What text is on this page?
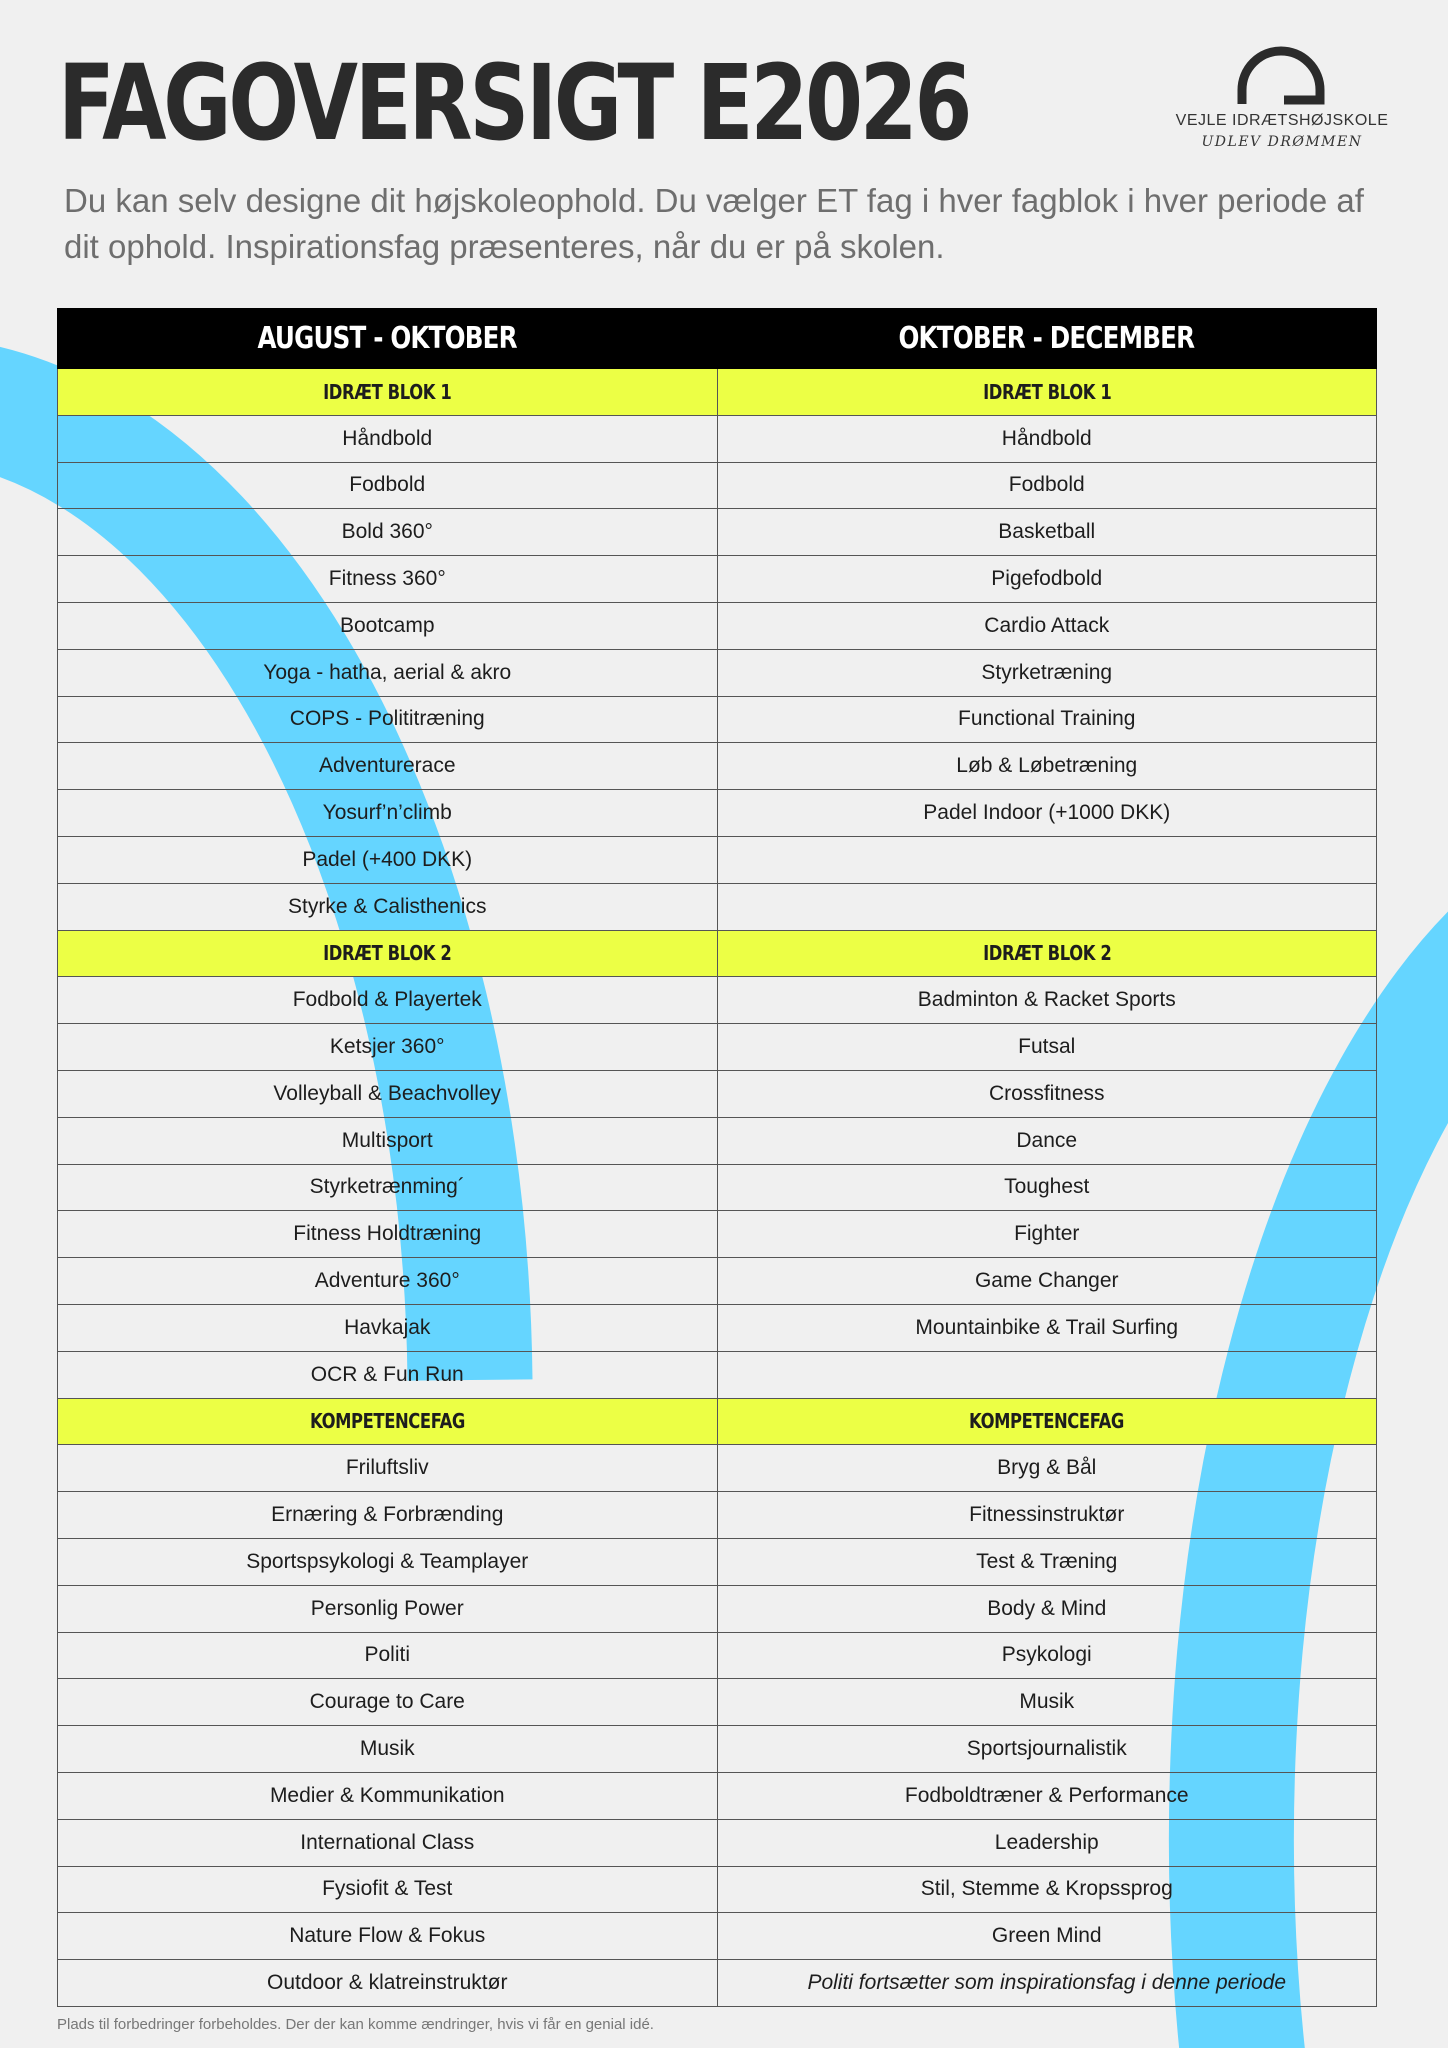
FAGOVERSIGT E2026
Du kan selv designe dit højskoleophold. Du vælger ET fag i hver fagblok i hver periode af dit ophold. Inspirationsfag præsenteres, når du er på skolen.
VEJLE IDRÆTSHØJSKOLE
UDLEV DRØMMEN
AUGUST - OKTOBER	OKTOBER - DECEMBER
IDRÆT BLOK 1	IDRÆT BLOK 1
Håndbold	Håndbold
Fodbold	Fodbold
Bold 360°	Basketball
Fitness 360°	Pigefodbold
Bootcamp	Cardio Attack
Yoga - hatha, aerial & akro	Styrketræning
COPS - Polititræning	Functional Training
Adventurerace	Løb & Løbetræning
Yosurf’n’climb	Padel Indoor (+1000 DKK)
Padel (+400 DKK)	
Styrke & Calisthenics	
IDRÆT BLOK 2	IDRÆT BLOK 2
Fodbold & Playertek	Badminton & Racket Sports
Ketsjer 360°	Futsal
Volleyball & Beachvolley	Crossfitness
Multisport	Dance
Styrketrænming´	Toughest
Fitness Holdtræning	Fighter
Adventure 360°	Game Changer
Havkajak	Mountainbike & Trail Surfing
OCR & Fun Run	
KOMPETENCEFAG	KOMPETENCEFAG
Friluftsliv	Bryg & Bål
Ernæring & Forbrænding	Fitnessinstruktør
Sportspsykologi & Teamplayer	Test & Træning
Personlig Power	Body & Mind
Politi	Psykologi
Courage to Care	Musik
Musik	Sportsjournalistik
Medier & Kommunikation	Fodboldtræner & Performance
International Class	Leadership
Fysiofit & Test	Stil, Stemme & Kropssprog
Nature Flow & Fokus	Green Mind
Outdoor & klatreinstruktør	Politi fortsætter som inspirationsfag i denne periode
Plads til forbedringer forbeholdes. Der der kan komme ændringer, hvis vi får en genial idé.
